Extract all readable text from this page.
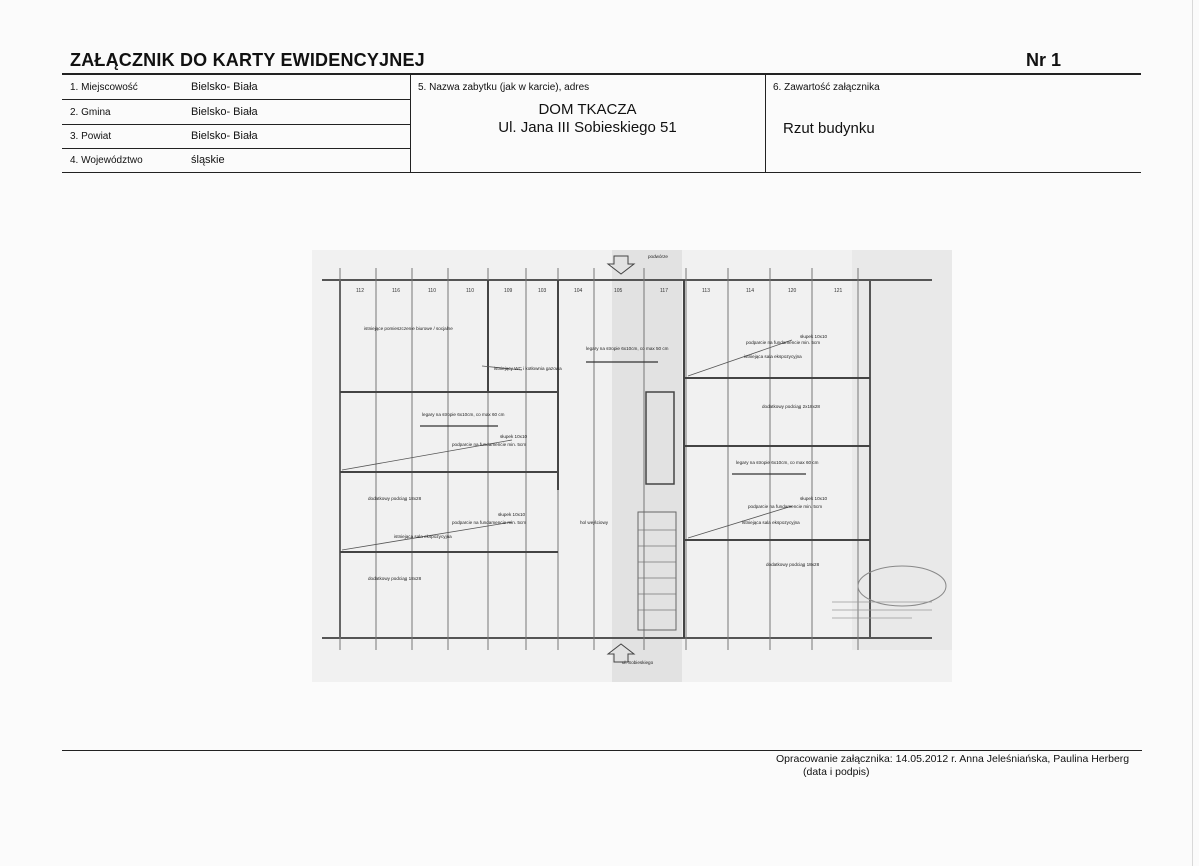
ZAŁĄCZNIK DO KARTY EWIDENCYJNEJ	Nr 1
1. Miejscowość	Bielsko- Biała
2. Gmina	Bielsko- Biała
3. Powiat	Bielsko- Biała
4. Województwo	śląskie
5. Nazwa zabytku (jak w karcie), adres
DOM TKACZA
Ul. Jana III Sobieskiego 51
6. Zawartość załącznika
Rzut budynku
112	116	110	110	109	103	104	105	117	113	114	120	121
podwórze
ul. Sobieskiego
istniejące pomieszczenie biurowe / socjalne
istniejący WC i kotłownia gazowa
legary na stropie 6x10cm, co max 50 cm
słupek 10x10
podparcie na fundamencie min. 5cm
istniejąca sala ekspozycyjna
dodatkowy podciąg 2x18x28
legary na stropie 6x10cm, co max 60 cm
słupek 10x10
podparcie na fundamencie min. 5cm
dodatkowy podciąg 18x28
słupek 10x10
podparcie na fundamencie min. 5cm
istniejąca sala ekspozycyjna
dodatkowy podciąg 18x28
hol wejściowy
legary na stropie 6x10cm, co max 60 cm
słupek 10x10
podparcie na fundamencie min. 5cm
istniejąca sala ekspozycyjna
dodatkowy podciąg 18x28
Opracowanie załącznika: 14.05.2012 r. Anna Jeleśniańska, Paulina Herberg
(data i podpis)
